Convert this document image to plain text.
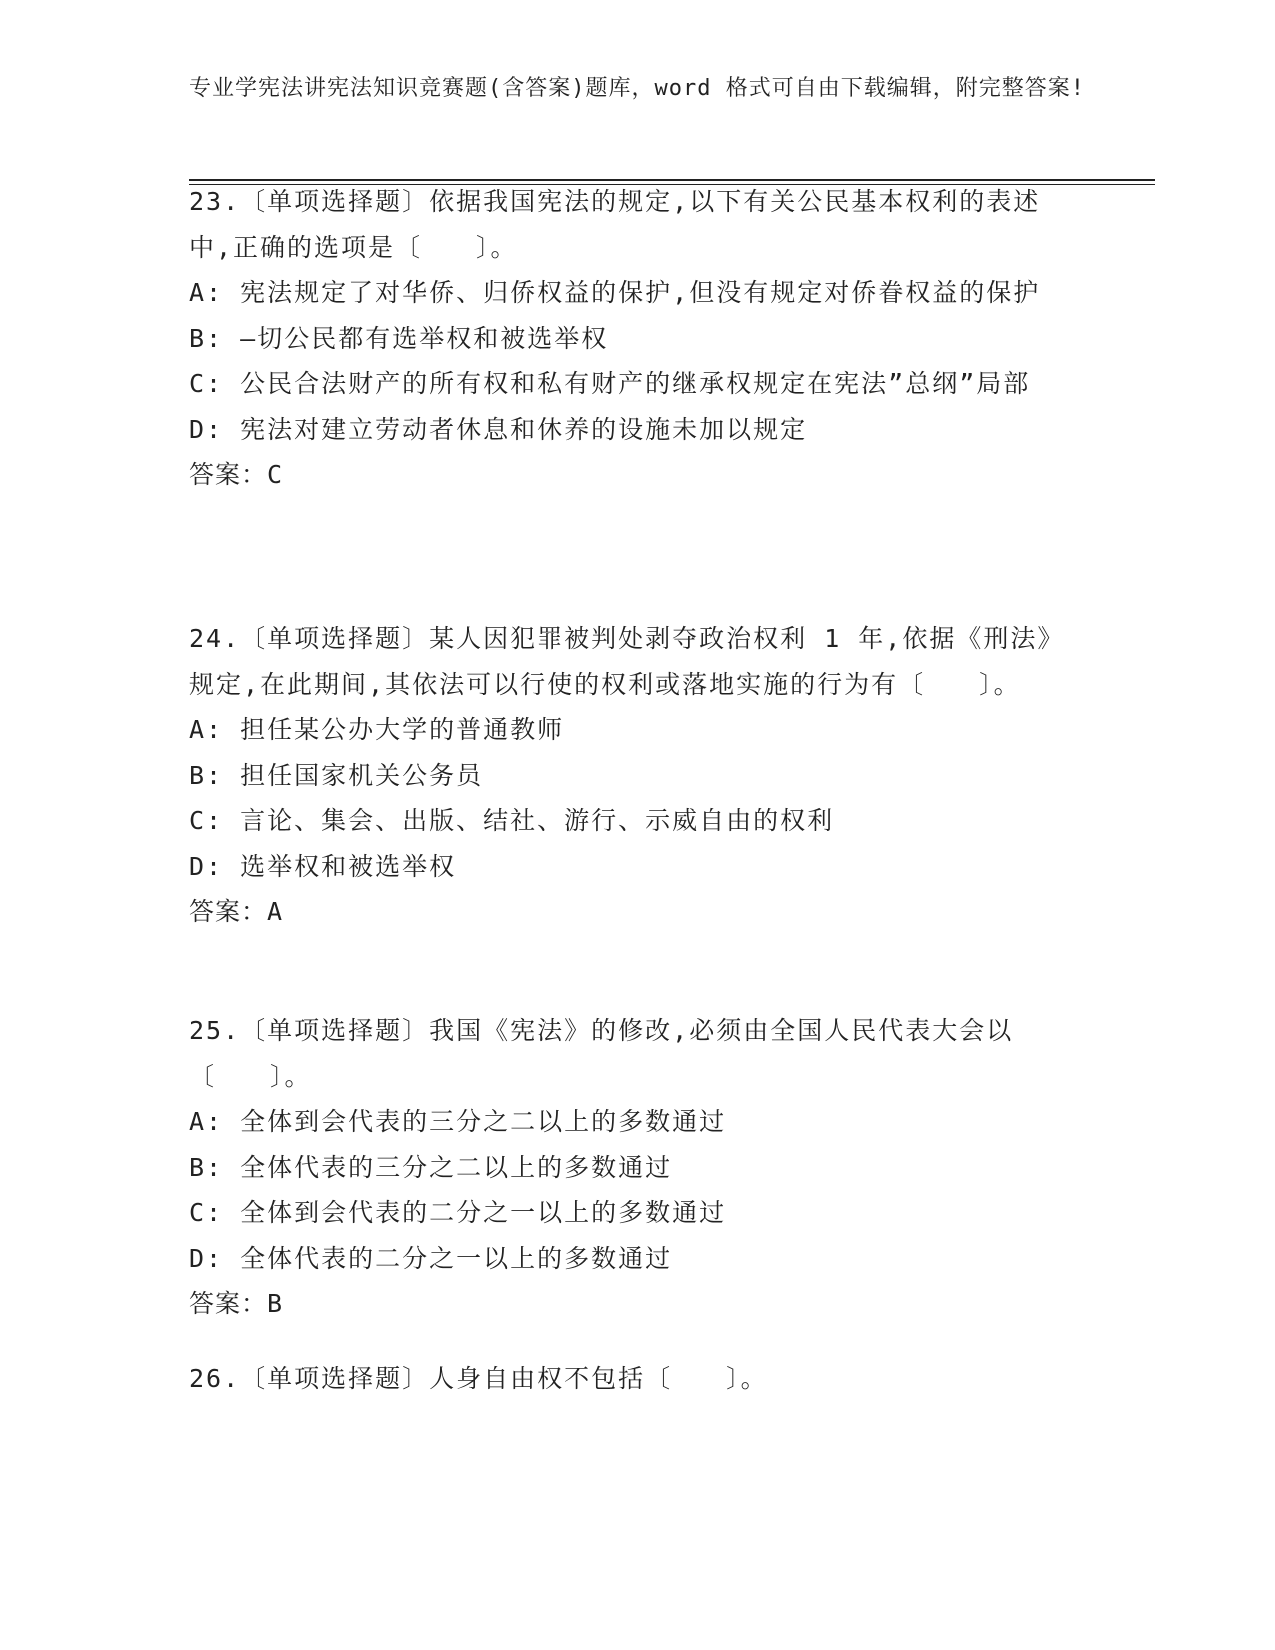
专业学宪法讲宪法知识竞赛题(含答案)题库，word 格式可自由下载编辑，附完整答案!

23.〔单项选择题〕依据我国宪法的规定,以下有关公民基本权利的表述中,正确的选项是〔　　〕。

A: 宪法规定了对华侨、归侨权益的保护,但没有规定对侨眷权益的保护

B: —切公民都有选举权和被选举权

C: 公民合法财产的所有权和私有财产的继承权规定在宪法”总纲”局部

D: 宪法对建立劳动者休息和休养的设施未加以规定

答案：C

24.〔单项选择题〕某人因犯罪被判处剥夺政治权利 1 年,依据《刑法》规定,在此期间,其依法可以行使的权利或落地实施的行为有〔　　〕。

A: 担任某公办大学的普通教师

B: 担任国家机关公务员

C: 言论、集会、出版、结社、游行、示威自由的权利

D: 选举权和被选举权

答案：A

25.〔单项选择题〕我国《宪法》的修改,必须由全国人民代表大会以〔　　〕。

A: 全体到会代表的三分之二以上的多数通过

B: 全体代表的三分之二以上的多数通过

C: 全体到会代表的二分之一以上的多数通过

D: 全体代表的二分之一以上的多数通过

答案：B

26.〔单项选择题〕人身自由权不包括〔　　〕。
